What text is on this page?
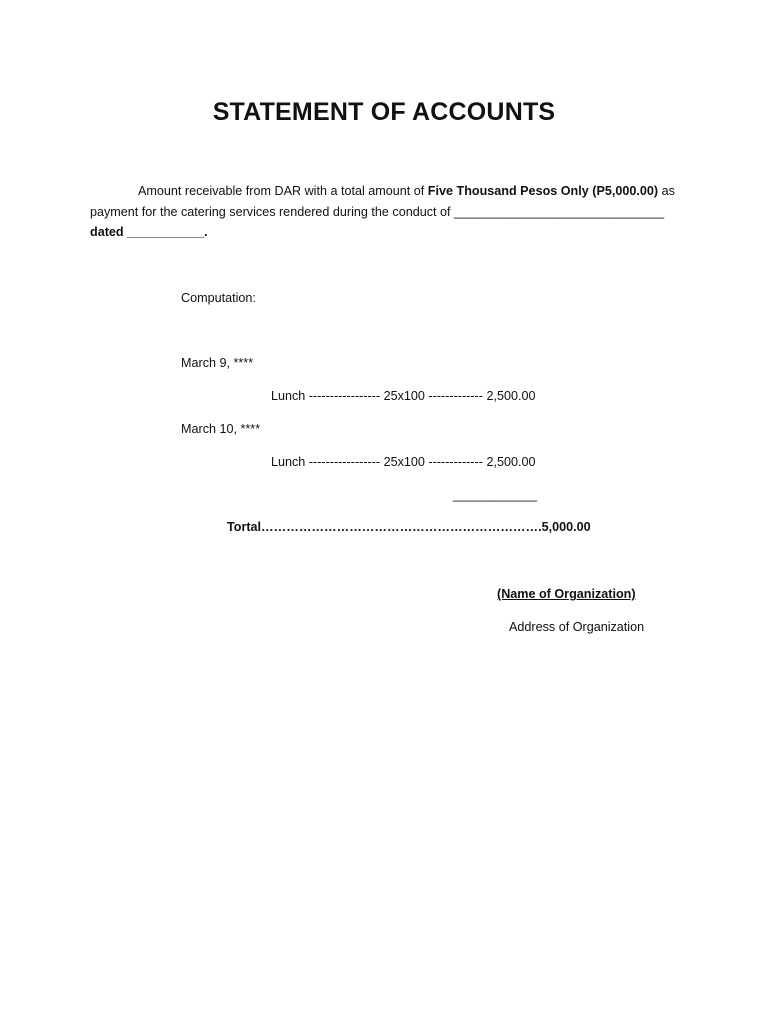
STATEMENT OF ACCOUNTS
Amount receivable from DAR with a total amount of Five Thousand Pesos Only (P5,000.00) as
payment for the catering services rendered during the conduct of ______________________________
dated ___________.
Computation:
March 9, ****
Lunch ----------------- 25x100 ------------- 2,500.00
March 10, ****
Lunch ----------------- 25x100 ------------- 2,500.00
____________
Tortal………………………………………………………….5,000.00
(Name of Organization)
Address of Organization
